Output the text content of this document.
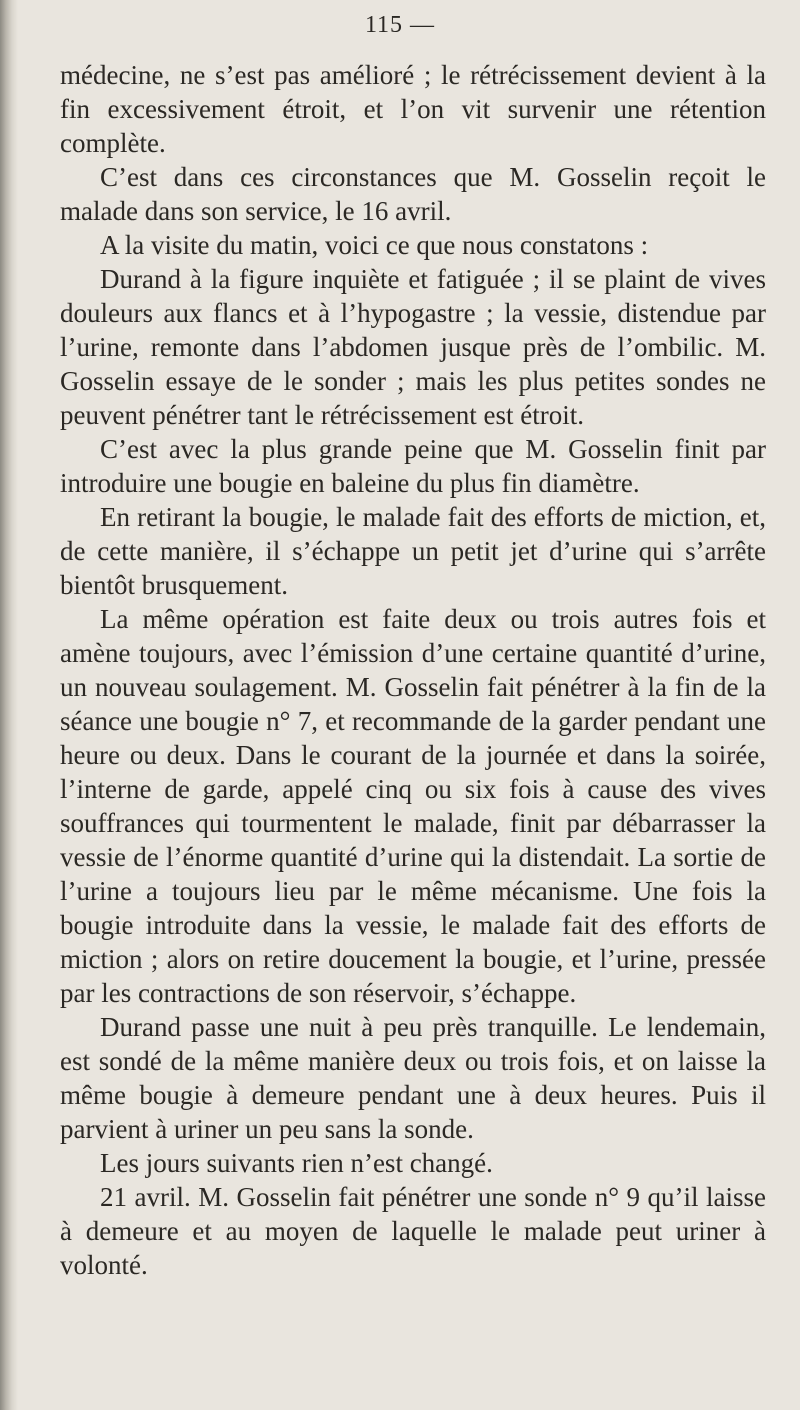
115 —

médecine, ne s’est pas amélioré ; le rétrécissement devient à la fin excessivement étroit, et l’on vit survenir une rétention complète.

C’est dans ces circonstances que M. Gosselin reçoit le malade dans son service, le 16 avril.

A la visite du matin, voici ce que nous constatons :

Durand à la figure inquiète et fatiguée ; il se plaint de vives douleurs aux flancs et à l’hypogastre ; la vessie, distendue par l’urine, remonte dans l’abdomen jusque près de l’ombilic. M. Gosselin essaye de le sonder ; mais les plus petites sondes ne peuvent pénétrer tant le rétrécissement est étroit.

C’est avec la plus grande peine que M. Gosselin finit par introduire une bougie en baleine du plus fin diamètre.

En retirant la bougie, le malade fait des efforts de miction, et, de cette manière, il s’échappe un petit jet d’urine qui s’arrête bientôt brusquement.

La même opération est faite deux ou trois autres fois et amène toujours, avec l’émission d’une certaine quantité d’urine, un nouveau soulagement. M. Gosselin fait pénétrer à la fin de la séance une bougie n° 7, et recommande de la garder pendant une heure ou deux. Dans le courant de la journée et dans la soirée, l’interne de garde, appelé cinq ou six fois à cause des vives souffrances qui tourmentent le malade, finit par débarrasser la vessie de l’énorme quantité d’urine qui la distendait. La sortie de l’urine a toujours lieu par le même mécanisme. Une fois la bougie introduite dans la vessie, le malade fait des efforts de miction ; alors on retire doucement la bougie, et l’urine, pressée par les contractions de son réservoir, s’échappe.

Durand passe une nuit à peu près tranquille. Le lendemain, est sondé de la même manière deux ou trois fois, et on laisse la même bougie à demeure pendant une à deux heures. Puis il parvient à uriner un peu sans la sonde.

Les jours suivants rien n’est changé.

21 avril. M. Gosselin fait pénétrer une sonde n° 9 qu’il laisse à demeure et au moyen de laquelle le malade peut uriner à volonté.
